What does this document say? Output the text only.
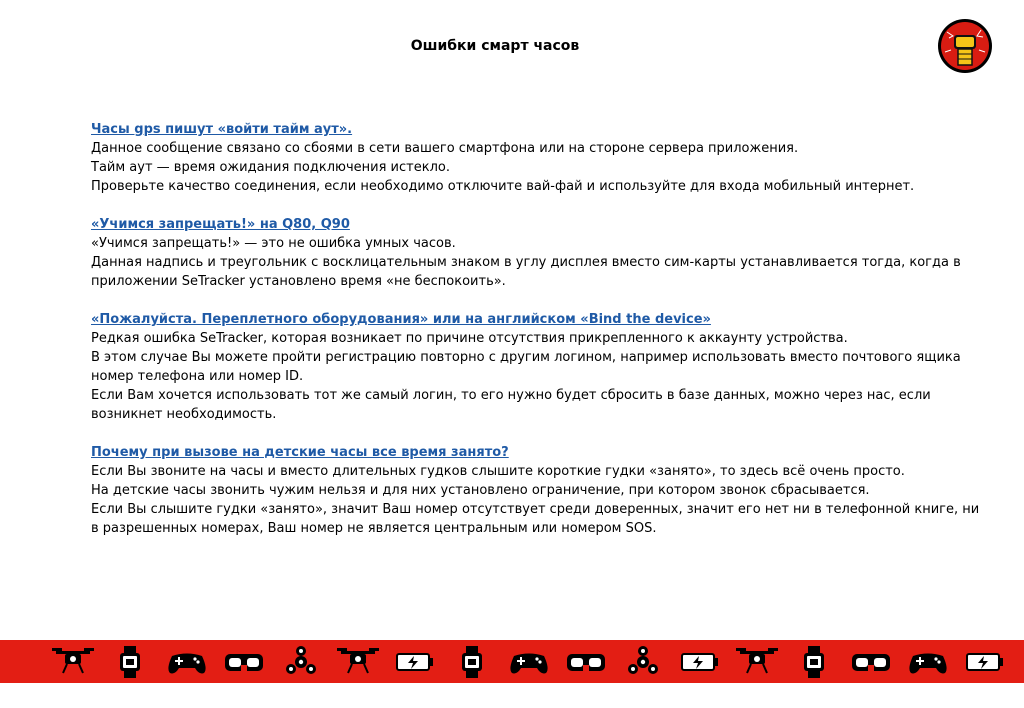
Ошибки смарт часов
Часы gps пишут «войти тайм аут».
Данное сообщение связано со сбоями в сети вашего смартфона или на стороне сервера приложения.
Тайм аут — время ожидания подключения истекло.
Проверьте качество соединения, если необходимо отключите вай-фай и используйте для входа мобильный интернет.
«Учимся запрещать!» на Q80, Q90
«Учимся запрещать!» — это не ошибка умных часов.
Данная надпись и треугольник с восклицательным знаком в углу дисплея вместо сим-карты устанавливается тогда, когда в приложении SeTracker установлено время «не беспокоить».
«Пожалуйста. Переплетного оборудования» или на английском «Bind the device»
Редкая ошибка SeTracker, которая возникает по причине отсутствия прикрепленного к аккаунту устройства.
В этом случае Вы можете пройти регистрацию повторно с другим логином, например использовать вместо почтового ящика номер телефона или номер ID.
Если Вам хочется использовать тот же самый логин, то его нужно будет сбросить в базе данных, можно через нас, если возникнет необходимость.
Почему при вызове на детские часы все время занято?
Если Вы звоните на часы и вместо длительных гудков слышите короткие гудки «занято», то здесь всё очень просто.
На детские часы звонить чужим нельзя и для них установлено ограничение, при котором звонок сбрасывается.
Если Вы слышите гудки «занято», значит Ваш номер отсутствует среди доверенных, значит его нет ни в телефонной книге, ни в разрешенных номерах, Ваш номер не является центральным или номером SOS.
